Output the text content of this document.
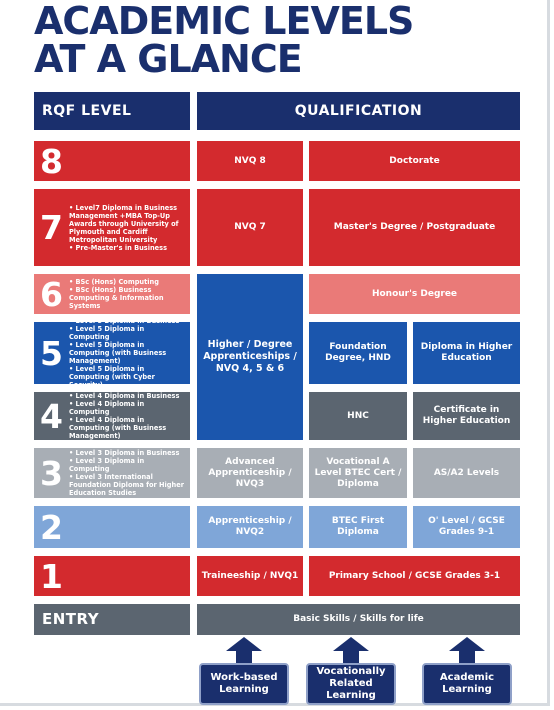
ACADEMIC LEVELS
AT A GLANCE
RQF LEVEL	QUALIFICATION
8	NVQ 8	Doctorate
7
• Level7 Diploma in Business Management +MBA Top-Up Awards through University of Plymouth and Cardiff Metropolitan University
• Pre-Master's in Business
NVQ 7	Master's Degree / Postgraduate
6
•	BSc (Hons) Computing
• BSc (Hons) Business Computing & Information Systems
Honour's Degree
Higher / Degree Apprenticeships / NVQ 4, 5 & 6
5
• Level 5 Diploma in Business
• Level 5 Diploma in Computing
• Level 5 Diploma in Computing (with Business Management)
• Level 5 Diploma in Computing (with Cyber Security)
Foundation Degree, HND
Diploma in Higher Education
4
• Level 4 Diploma in Business
• Level 4 Diploma in Computing
• Level 4 Diploma in Computing (with Business Management)
HNC
Certificate in Higher Education
3
• Level 3 Diploma in Business
• Level 3 Diploma in Computing
• Level 3 International Foundation Diploma for Higher Education Studies
Advanced Apprenticeship / NVQ3
Vocational A Level BTEC Cert / Diploma
AS/A2 Levels
2	Apprenticeship / NVQ2
BTEC First Diploma
O' Level / GCSE Grades 9-1
1	Traineeship / NVQ1	Primary School / GCSE Grades 3-1
ENTRY	Basic Skills / Skills for life
Work-based Learning
Vocationally Related Learning
Academic Learning
